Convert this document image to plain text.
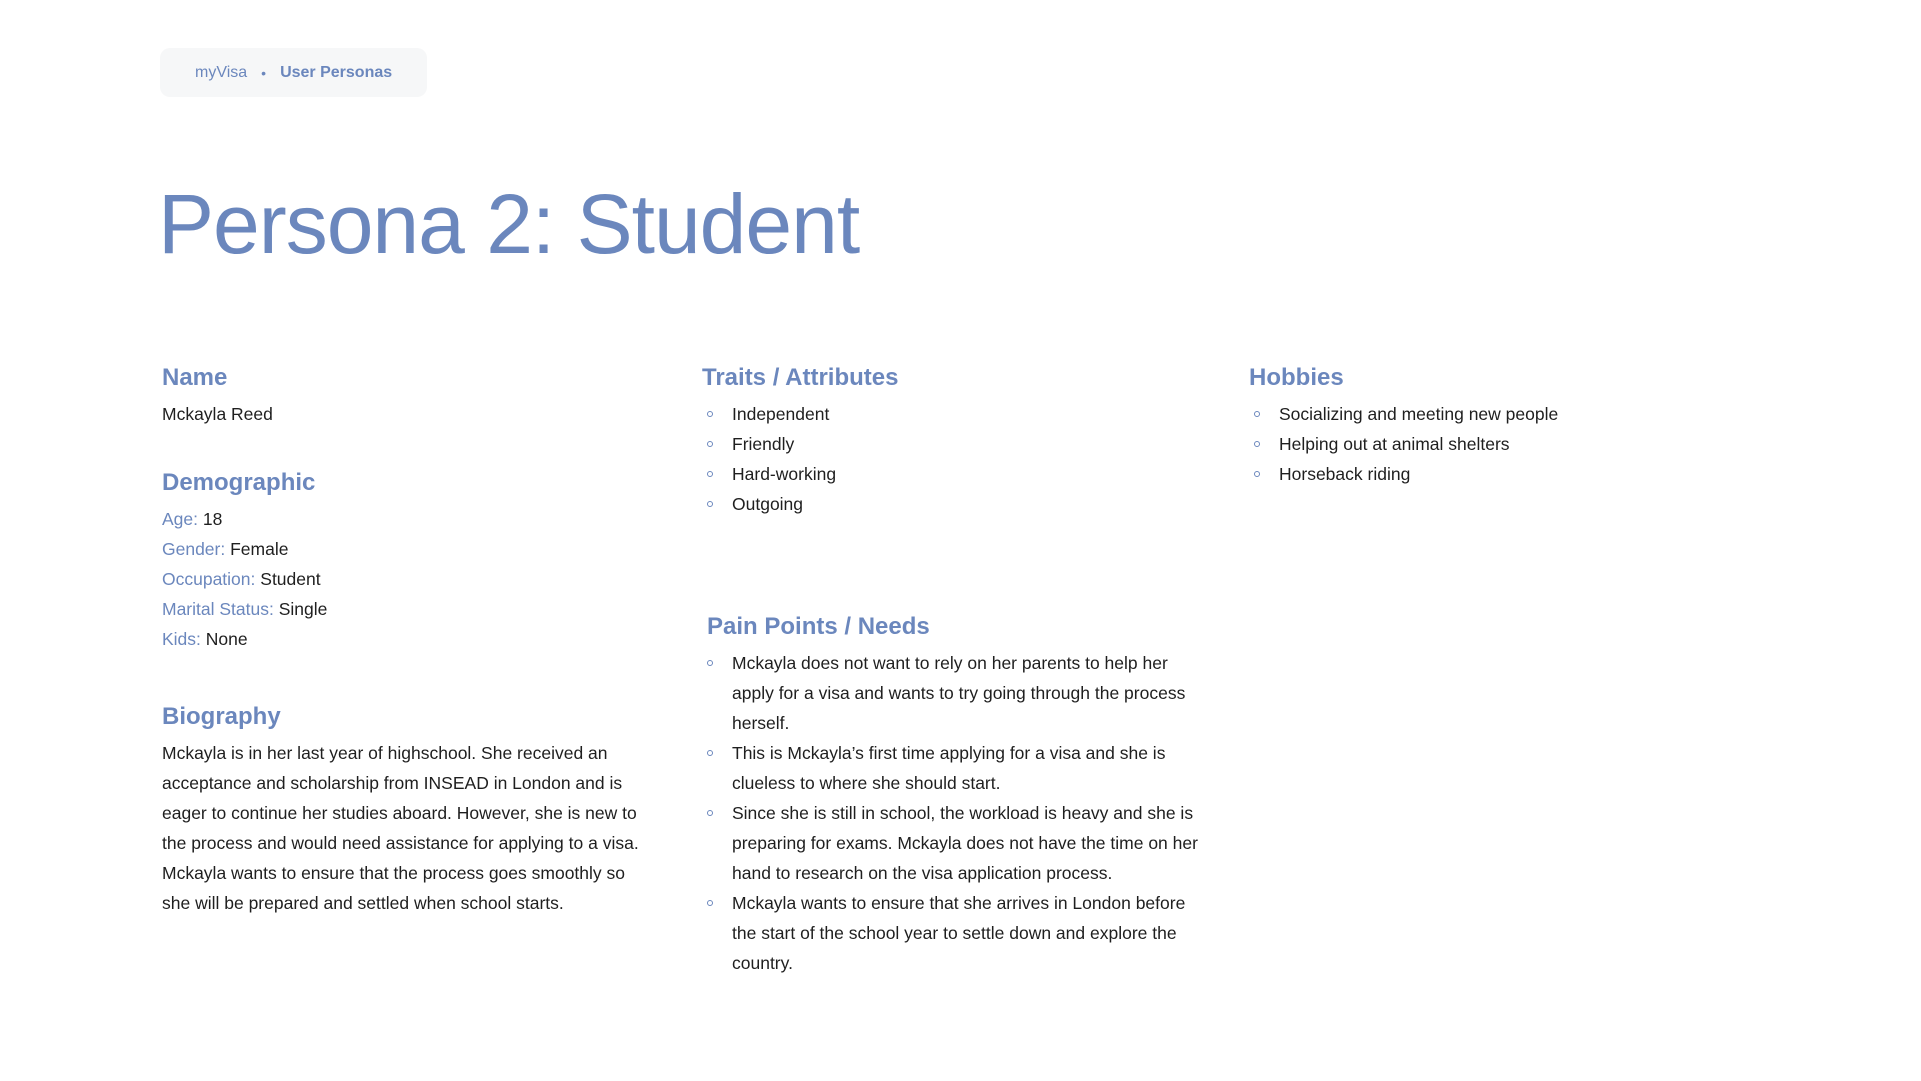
myVisa • User Personas
Persona 2: Student
Name
Mckayla Reed
Demographic
Age: 18
Gender: Female
Occupation: Student
Marital Status: Single
Kids: None
Biography

Mckayla is in her last year of highschool. She received an acceptance and scholarship from INSEAD in London and is eager to continue her studies aboard. However, she is new to the process and would need assistance for applying to a visa. Mckayla wants to ensure that the process goes smoothly so she will be prepared and settled when school starts.

Traits / Attributes
Independent
Friendly
Hard-working
Outgoing
Pain Points / Needs
Mckayla does not want to rely on her parents to help her apply for a visa and wants to try going through the process herself.
This is Mckayla’s first time applying for a visa and she is clueless to where she should start.
Since she is still in school, the workload is heavy and she is preparing for exams. Mckayla does not have the time on her hand to research on the visa application process.
Mckayla wants to ensure that she arrives in London before the start of the school year to settle down and explore the country.
Hobbies
Socializing and meeting new people
Helping out at animal shelters
Horseback riding
